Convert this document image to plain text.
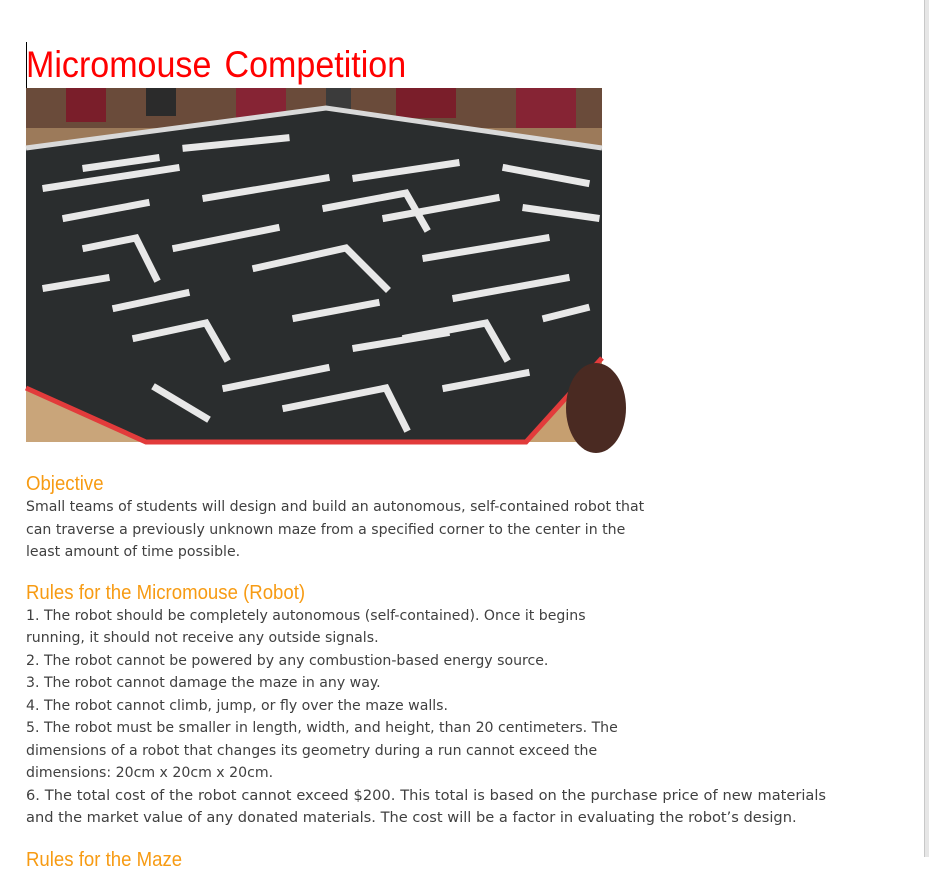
Micromouse Competition
Objective

Small teams of students will design and build an autonomous, self-contained robot that

can traverse a previously unknown maze from a specified corner to the center in the

least amount of time possible.

Rules for the Micromouse (Robot)

1. The robot should be completely autonomous (self-contained). Once it begins

running, it should not receive any outside signals.

2. The robot cannot be powered by any combustion-based energy source.

3. The robot cannot damage the maze in any way.

4. The robot cannot climb, jump, or fly over the maze walls.

5. The robot must be smaller in length, width, and height, than 20 centimeters. The

dimensions of a robot that changes its geometry during a run cannot exceed the

dimensions: 20cm x 20cm x 20cm.

6. The total cost of the robot cannot exceed $200. This total is based on the purchase price of new materials and the market value of any donated materials. The cost will be a factor in evaluating the robot’s design.

Rules for the Maze
